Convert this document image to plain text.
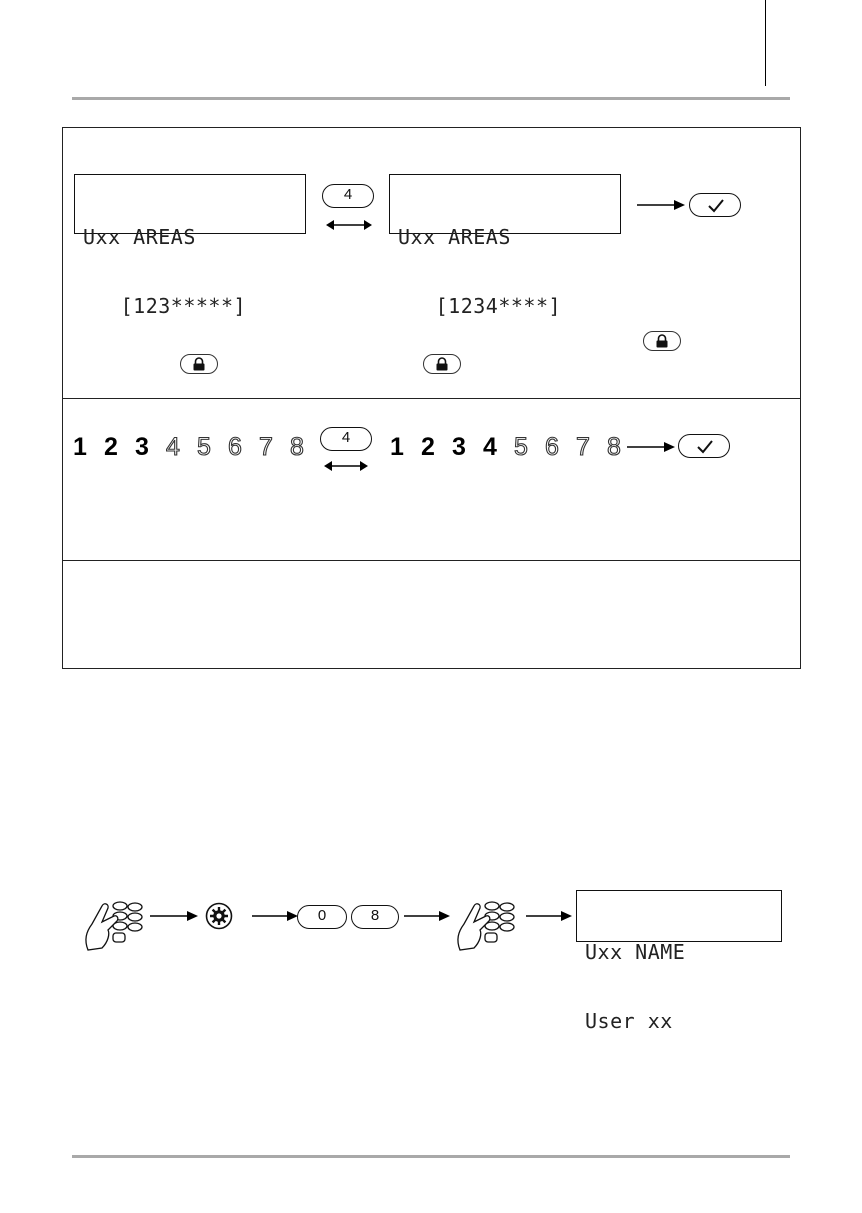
Uxx AREAS

[123*****]

4

Uxx AREAS

[1234****]

1 2 3 4 5 6 7 8	4	1 2 3 4 5 6 7 8
0	8

Uxx NAME

User xx
